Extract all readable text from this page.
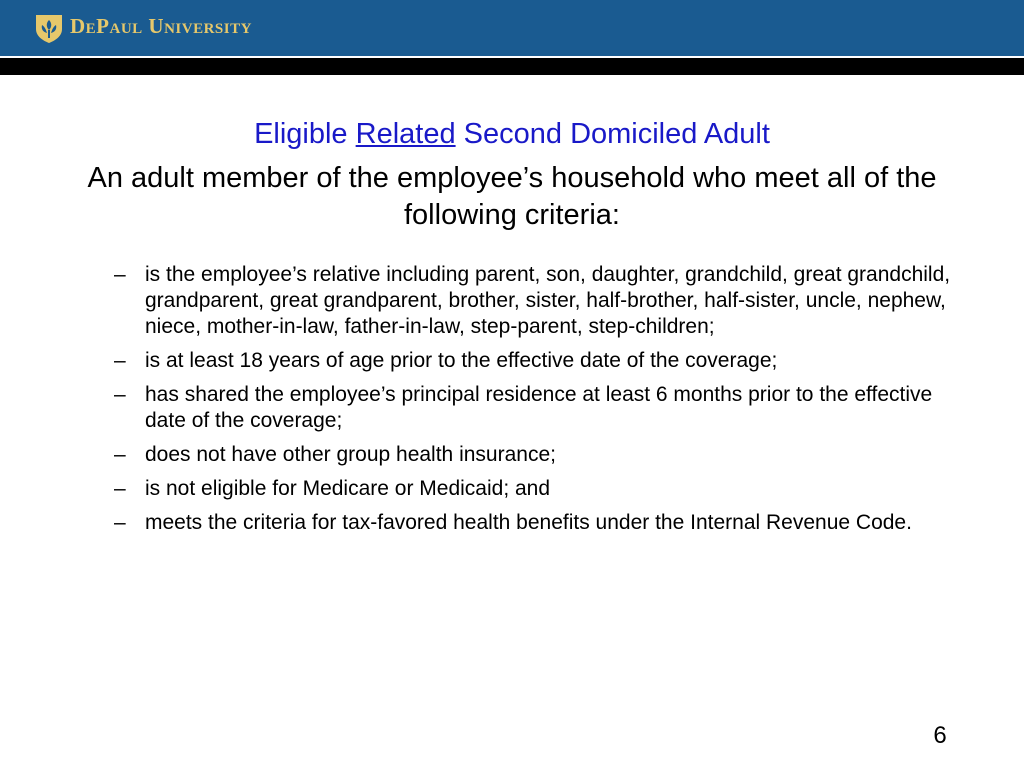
DePaul University
Eligible Related Second Domiciled Adult
An adult member of the employee’s household who meet all of the following criteria:
– is the employee’s relative including parent, son, daughter, grandchild, great grandchild, grandparent, great grandparent, brother, sister, half-brother, half-sister, uncle, nephew, niece, mother-in-law, father-in-law, step-parent, step-children;
– is at least 18 years of age prior to the effective date of the coverage;
– has shared the employee’s principal residence at least 6 months prior to the effective date of the coverage;
– does not have other group health insurance;
– is not eligible for Medicare or Medicaid; and
– meets the criteria for tax-favored health benefits under the Internal Revenue Code.
6
